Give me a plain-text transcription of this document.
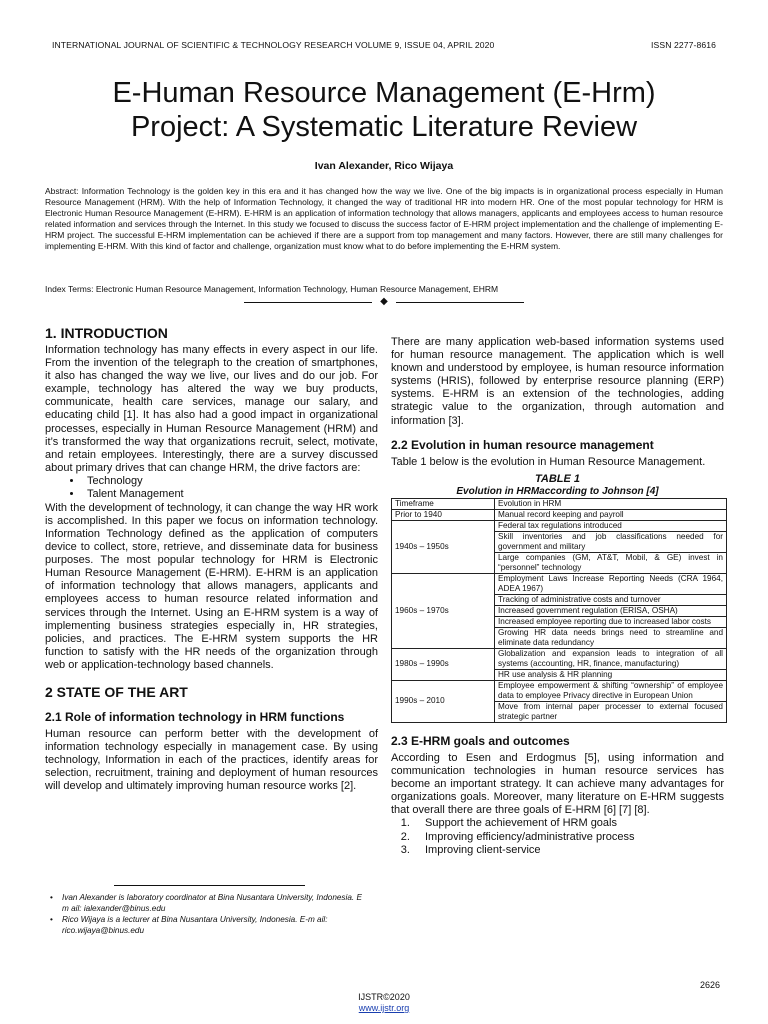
INTERNATIONAL JOURNAL OF SCIENTIFIC & TECHNOLOGY RESEARCH VOLUME 9, ISSUE 04, APRIL 2020	ISSN 2277-8616
E-Human Resource Management (E-Hrm)
Project: A Systematic Literature Review
Ivan Alexander, Rico Wijaya
Abstract: Information Technology is the golden key in this era and it has changed how the way we live. One of the big impacts is in organizational process especially in Human Resource Management (HRM). With the help of Information Technology, it changed the way of traditional HR into modern HR. One of the most popular technology for HRM is Electronic Human Resource Management (E-HRM). E-HRM is an application of information technology that allows managers, applicants and employees access to human resource related information and services through the Internet. In this study we focused to discuss the success factor of E-HRM project implementation and the challenge of implementing E-HRM project. The successful E-HRM implementation can be achieved if there are a support from top management and many factors. However, there are still many challenges for implementing E-HRM. With this kind of factor and challenge, organization must know what to do before implementing the E-HRM system.
Index Terms: Electronic Human Resource Management, Information Technology, Human Resource Management, EHRM
◆
1. INTRODUCTION

Information technology has many effects in every aspect in our life. From the invention of the telegraph to the creation of smartphones, it also has changed the way we live, our lives and do our job. For example, technology has altered the way we buy products, communicate, health care services, manage our salary, and educating child [1]. It has also had a good impact in organizational processes, especially in Human Resource Management (HRM) and it’s transformed the way that organizations recruit, select, motivate, and retain employees. Interestingly, there are a survey discussed about primary drives that can change HRM, the drive factors are:

• Technology
• Talent Management

With the development of technology, it can change the way HR work is accomplished. In this paper we focus on information technology. Information Technology defined as the application of computers device to collect, store, retrieve, and disseminate data for business purposes. The most popular technology for HRM is Electronic Human Resource Management (E-HRM). E-HRM is an application of information technology that allows managers, applicants and employees access to human resource related information and services through the Internet. Using an E-HRM system is a way of implementing business strategies especially in, HR strategies, policies, and practices. The E-HRM system supports the HR function to satisfy with the HR needs of the organization through web or application-technology based channels.

2 STATE OF THE ART
2.1 Role of information technology in HRM functions

Human resource can perform better with the development of information technology especially in management case. By using technology, Information in each of the practices, identify areas for selection, recruitment, training and deployment of human resources will develop and ultimately improving human resource works [2].

There are many application web-based information systems used for human resource management. The application which is well known and understood by employee, is human resource information systems (HRIS), followed by enterprise resource planning (ERP) systems. E-HRM is an extension of the technologies, adding strategic value to the organization, through automation and information [3].

2.2 Evolution in human resource management

Table 1 below is the evolution in Human Resource Management.

TABLE 1
Evolution in HRMaccording to Johnson [4]
Timeframe	Evolution in HRM
Prior to 1940	Manual record keeping and payroll
1940s – 1950s	Federal tax regulations introduced
	Skill inventories and job classifications needed for government and military
	Large companies (GM, AT&T, Mobil, & GE) invest in “personnel” technology
1960s – 1970s	Employment Laws Increase Reporting Needs (CRA 1964, ADEA 1967)
	Tracking of administrative costs and turnover
	Increased government regulation (ERISA, OSHA)
	Increased employee reporting due to increased labor costs
	Growing HR data needs brings need to streamline and eliminate data redundancy
1980s – 1990s	Globalization and expansion leads to integration of all systems (accounting, HR, finance, manufacturing)
	HR use analysis & HR planning
1990s – 2010	Employee empowerment & shifting “ownership” of employee data to employee Privacy directive in European Union
	Move from internal paper processer to external focused strategic partner
2.3 E-HRM goals and outcomes

According to Esen and Erdogmus [5], using information and communication technologies in human resource services has become an important strategy. It can achieve many advantages for organizations goals. Moreover, many literature on E-HRM suggests that overall there are three goals of E-HRM [6] [7] [8].

1. Support the achievement of HRM goals
2. Improving efficiency/administrative process
3. Improving client-service
• Ivan Alexander is laboratory coordinator at Bina Nusantara University, Indonesia. E m ail: ialexander@binus.edu
• Rico Wijaya is a lecturer at Bina Nusantara University, Indonesia. E-m ail: rico.wijaya@binus.edu
2626
IJSTR©2020
www.ijstr.org
